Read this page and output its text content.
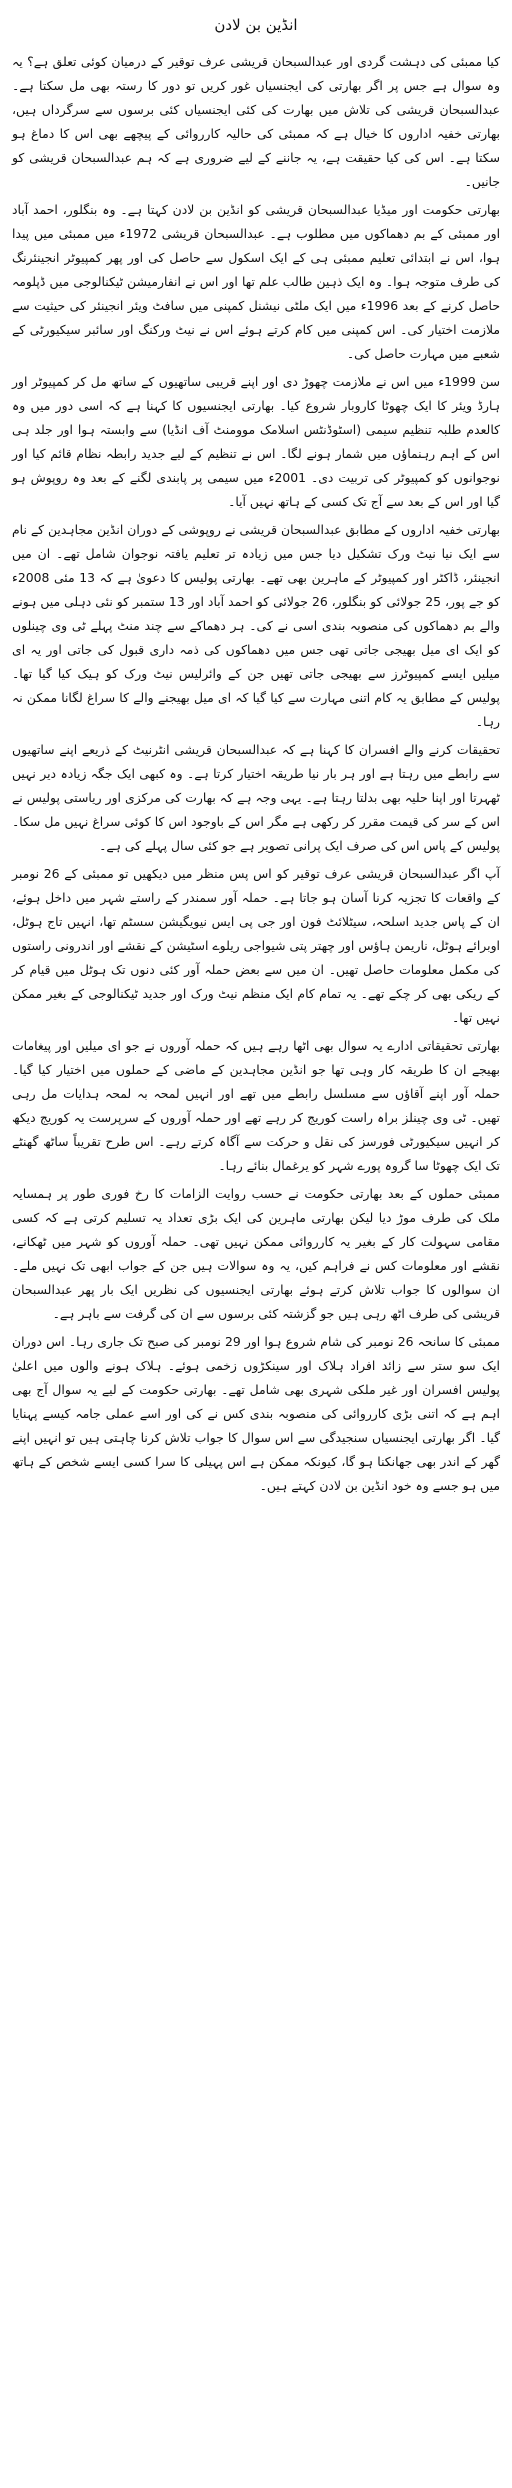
انڈین بن لادن

کیا ممبئی کی دہشت گردی اور عبدالسبحان قریشی عرف توقیر کے درمیان کوئی تعلق ہے؟ یہ وہ سوال ہے جس پر اگر بھارتی کی ایجنسیاں غور کریں تو دور کا رستہ بھی مل سکتا ہے۔ عبدالسبحان قریشی کی تلاش میں بھارت کی کئی ایجنسیاں کئی برسوں سے سرگرداں ہیں، بھارتی خفیہ اداروں کا خیال ہے کہ ممبئی کی حالیہ کارروائی کے پیچھے بھی اس کا دماغ ہو سکتا ہے۔ اس کی کیا حقیقت ہے، یہ جاننے کے لیے ضروری ہے کہ ہم عبدالسبحان قریشی کو جانیں۔

بھارتی حکومت اور میڈیا عبدالسبحان قریشی کو انڈین بن لادن کہتا ہے۔ وہ بنگلور، احمد آباد اور ممبئی کے بم دھماکوں میں مطلوب ہے۔ عبدالسبحان قریشی 1972ء میں ممبئی میں پیدا ہوا، اس نے ابتدائی تعلیم ممبئی ہی کے ایک اسکول سے حاصل کی اور پھر کمپیوٹر انجینئرنگ کی طرف متوجہ ہوا۔ وہ ایک ذہین طالب علم تھا اور اس نے انفارمیشن ٹیکنالوجی میں ڈپلومہ حاصل کرنے کے بعد 1996ء میں ایک ملٹی نیشنل کمپنی میں سافٹ ویئر انجینئر کی حیثیت سے ملازمت اختیار کی۔ اس کمپنی میں کام کرتے ہوئے اس نے نیٹ ورکنگ اور سائبر سیکیورٹی کے شعبے میں مہارت حاصل کی۔

سن 1999ء میں اس نے ملازمت چھوڑ دی اور اپنے قریبی ساتھیوں کے ساتھ مل کر کمپیوٹر اور ہارڈ ویئر کا ایک چھوٹا کاروبار شروع کیا۔ بھارتی ایجنسیوں کا کہنا ہے کہ اسی دور میں وہ کالعدم طلبہ تنظیم سیمی (اسٹوڈنٹس اسلامک موومنٹ آف انڈیا) سے وابستہ ہوا اور جلد ہی اس کے اہم رہنماؤں میں شمار ہونے لگا۔ اس نے تنظیم کے لیے جدید رابطہ نظام قائم کیا اور نوجوانوں کو کمپیوٹر کی تربیت دی۔ 2001ء میں سیمی پر پابندی لگنے کے بعد وہ روپوش ہو گیا اور اس کے بعد سے آج تک کسی کے ہاتھ نہیں آیا۔

بھارتی خفیہ اداروں کے مطابق عبدالسبحان قریشی نے روپوشی کے دوران انڈین مجاہدین کے نام سے ایک نیا نیٹ ورک تشکیل دیا جس میں زیادہ تر تعلیم یافتہ نوجوان شامل تھے۔ ان میں انجینئر، ڈاکٹر اور کمپیوٹر کے ماہرین بھی تھے۔ بھارتی پولیس کا دعویٰ ہے کہ 13 مئی 2008ء کو جے پور، 25 جولائی کو بنگلور، 26 جولائی کو احمد آباد اور 13 ستمبر کو نئی دہلی میں ہونے والے بم دھماکوں کی منصوبہ بندی اسی نے کی۔ ہر دھماکے سے چند منٹ پہلے ٹی وی چینلوں کو ایک ای میل بھیجی جاتی تھی جس میں دھماکوں کی ذمہ داری قبول کی جاتی اور یہ ای میلیں ایسے کمپیوٹرز سے بھیجی جاتی تھیں جن کے وائرلیس نیٹ ورک کو ہیک کیا گیا تھا۔ پولیس کے مطابق یہ کام اتنی مہارت سے کیا گیا کہ ای میل بھیجنے والے کا سراغ لگانا ممکن نہ رہا۔

تحقیقات کرنے والے افسران کا کہنا ہے کہ عبدالسبحان قریشی انٹرنیٹ کے ذریعے اپنے ساتھیوں سے رابطے میں رہتا ہے اور ہر بار نیا طریقہ اختیار کرتا ہے۔ وہ کبھی ایک جگہ زیادہ دیر نہیں ٹھہرتا اور اپنا حلیہ بھی بدلتا رہتا ہے۔ یہی وجہ ہے کہ بھارت کی مرکزی اور ریاستی پولیس نے اس کے سر کی قیمت مقرر کر رکھی ہے مگر اس کے باوجود اس کا کوئی سراغ نہیں مل سکا۔ پولیس کے پاس اس کی صرف ایک پرانی تصویر ہے جو کئی سال پہلے کی ہے۔

آپ اگر عبدالسبحان قریشی عرف توقیر کو اس پس منظر میں دیکھیں تو ممبئی کے 26 نومبر کے واقعات کا تجزیہ کرنا آسان ہو جاتا ہے۔ حملہ آور سمندر کے راستے شہر میں داخل ہوئے، ان کے پاس جدید اسلحہ، سیٹلائٹ فون اور جی پی ایس نیویگیشن سسٹم تھا، انہیں تاج ہوٹل، اوبرائے ہوٹل، ناریمن ہاؤس اور چھتر پتی شیواجی ریلوے اسٹیشن کے نقشے اور اندرونی راستوں کی مکمل معلومات حاصل تھیں۔ ان میں سے بعض حملہ آور کئی دنوں تک ہوٹل میں قیام کر کے ریکی بھی کر چکے تھے۔ یہ تمام کام ایک منظم نیٹ ورک اور جدید ٹیکنالوجی کے بغیر ممکن نہیں تھا۔

بھارتی تحقیقاتی ادارے یہ سوال بھی اٹھا رہے ہیں کہ حملہ آوروں نے جو ای میلیں اور پیغامات بھیجے ان کا طریقہ کار وہی تھا جو انڈین مجاہدین کے ماضی کے حملوں میں اختیار کیا گیا۔ حملہ آور اپنے آقاؤں سے مسلسل رابطے میں تھے اور انہیں لمحہ بہ لمحہ ہدایات مل رہی تھیں۔ ٹی وی چینلز براہ راست کوریج کر رہے تھے اور حملہ آوروں کے سرپرست یہ کوریج دیکھ کر انہیں سیکیورٹی فورسز کی نقل و حرکت سے آگاہ کرتے رہے۔ اس طرح تقریباً ساٹھ گھنٹے تک ایک چھوٹا سا گروہ پورے شہر کو یرغمال بنائے رہا۔

ممبئی حملوں کے بعد بھارتی حکومت نے حسب روایت الزامات کا رخ فوری طور پر ہمسایہ ملک کی طرف موڑ دیا لیکن بھارتی ماہرین کی ایک بڑی تعداد یہ تسلیم کرتی ہے کہ کسی مقامی سہولت کار کے بغیر یہ کارروائی ممکن نہیں تھی۔ حملہ آوروں کو شہر میں ٹھکانے، نقشے اور معلومات کس نے فراہم کیں، یہ وہ سوالات ہیں جن کے جواب ابھی تک نہیں ملے۔ ان سوالوں کا جواب تلاش کرتے ہوئے بھارتی ایجنسیوں کی نظریں ایک بار پھر عبدالسبحان قریشی کی طرف اٹھ رہی ہیں جو گزشتہ کئی برسوں سے ان کی گرفت سے باہر ہے۔

ممبئی کا سانحہ 26 نومبر کی شام شروع ہوا اور 29 نومبر کی صبح تک جاری رہا۔ اس دوران ایک سو ستر سے زائد افراد ہلاک اور سینکڑوں زخمی ہوئے۔ ہلاک ہونے والوں میں اعلیٰ پولیس افسران اور غیر ملکی شہری بھی شامل تھے۔ بھارتی حکومت کے لیے یہ سوال آج بھی اہم ہے کہ اتنی بڑی کارروائی کی منصوبہ بندی کس نے کی اور اسے عملی جامہ کیسے پہنایا گیا۔ اگر بھارتی ایجنسیاں سنجیدگی سے اس سوال کا جواب تلاش کرنا چاہتی ہیں تو انہیں اپنے گھر کے اندر بھی جھانکنا ہو گا، کیونکہ ممکن ہے اس پہیلی کا سرا کسی ایسے شخص کے ہاتھ میں ہو جسے وہ خود انڈین بن لادن کہتے ہیں۔
